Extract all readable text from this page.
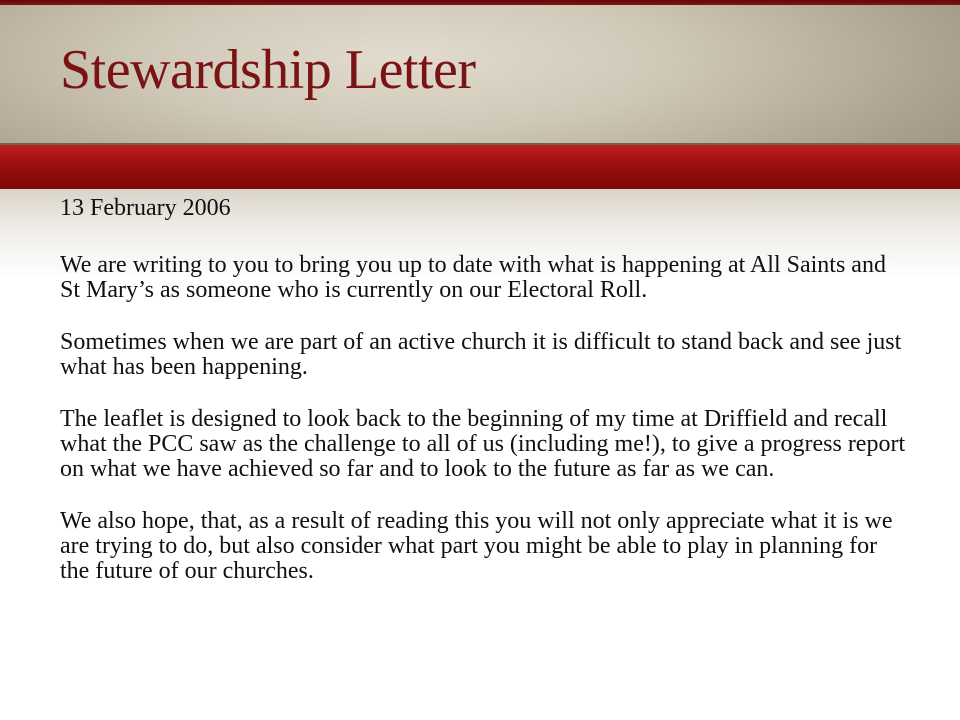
Stewardship Letter

13 February 2006

We are writing to you to bring you up to date with what is happening at All Saints and St Mary’s as someone who is currently on our Electoral Roll.

Sometimes when we are part of an active church it is difficult to stand back and see just what has been happening.

The leaflet is designed to look back to the beginning of my time at Driffield and recall what the PCC saw as the challenge to all of us (including me!), to give a progress report on what we have achieved so far and to look to the future as far as we can.

We also hope, that, as a result of reading this you will not only appreciate what it is we are trying to do, but also consider what part you might be able to play in planning for the future of our churches.
